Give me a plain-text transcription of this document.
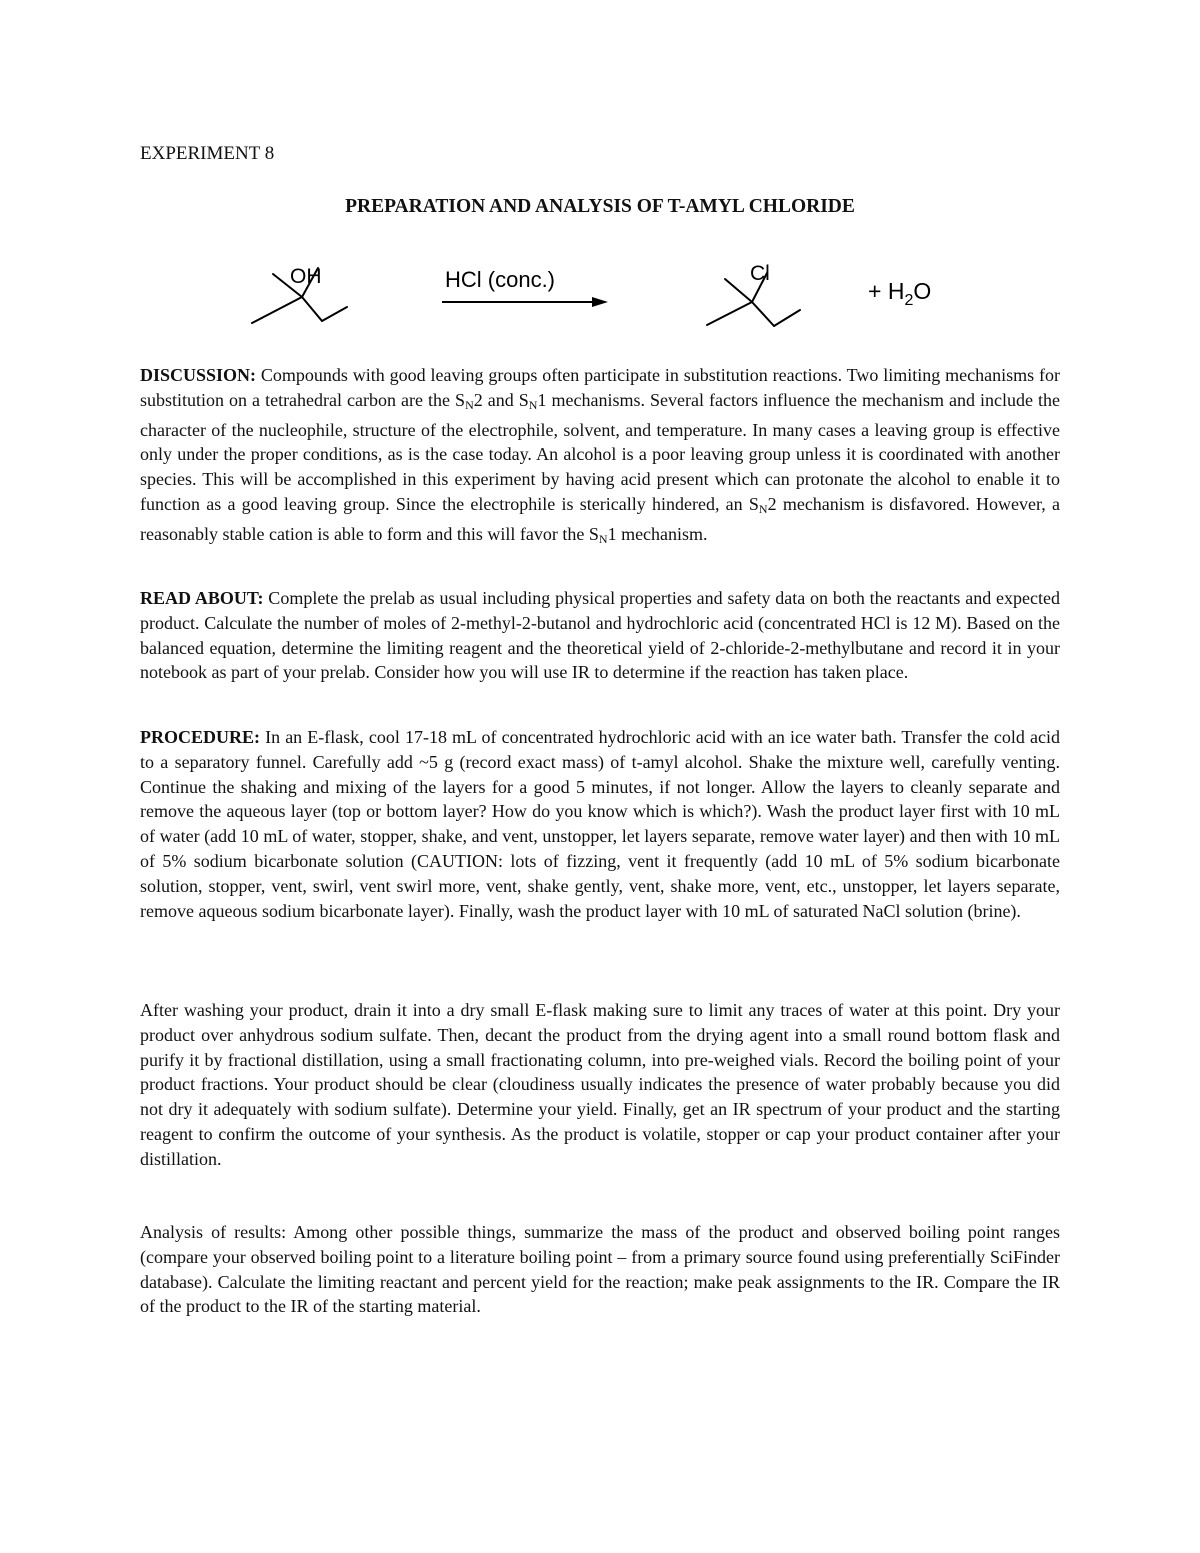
EXPERIMENT 8
PREPARATION AND ANALYSIS OF T-AMYL CHLORIDE
OH	HCl (conc.)	Cl
+ $H_2O$

DISCUSSION: Compounds with good leaving groups often participate in substitution reactions. Two limiting mechanisms for substitution on a tetrahedral carbon are the $S_N2$ and $S_N1$ mechanisms. Several factors influence the mechanism and include the character of the nucleophile, structure of the electrophile, solvent, and temperature. In many cases a leaving group is effective only under the proper conditions, as is the case today. An alcohol is a poor leaving group unless it is coordinated with another species. This will be accomplished in this experiment by having acid present which can protonate the alcohol to enable it to function as a good leaving group. Since the electrophile is sterically hindered, an $S_N2$ mechanism is disfavored. However, a reasonably stable cation is able to form and this will favor the $S_N1$ mechanism.

READ ABOUT: Complete the prelab as usual including physical properties and safety data on both the reactants and expected product. Calculate the number of moles of 2-methyl-2-butanol and hydrochloric acid (concentrated HCl is 12 M). Based on the balanced equation, determine the limiting reagent and the theoretical yield of 2-chloride-2-methylbutane and record it in your notebook as part of your prelab. Consider how you will use IR to determine if the reaction has taken place.

PROCEDURE: In an E-flask, cool 17-18 mL of concentrated hydrochloric acid with an ice water bath. Transfer the cold acid to a separatory funnel. Carefully add ~5 g (record exact mass) of t-amyl alcohol. Shake the mixture well, carefully venting. Continue the shaking and mixing of the layers for a good 5 minutes, if not longer. Allow the layers to cleanly separate and remove the aqueous layer (top or bottom layer? How do you know which is which?). Wash the product layer first with 10 mL of water (add 10 mL of water, stopper, shake, and vent, unstopper, let layers separate, remove water layer) and then with 10 mL of 5% sodium bicarbonate solution (CAUTION: lots of fizzing, vent it frequently (add 10 mL of 5% sodium bicarbonate solution, stopper, vent, swirl, vent swirl more, vent, shake gently, vent, shake more, vent, etc., unstopper, let layers separate, remove aqueous sodium bicarbonate layer). Finally, wash the product layer with 10 mL of saturated NaCl solution (brine).

After washing your product, drain it into a dry small E-flask making sure to limit any traces of water at this point. Dry your product over anhydrous sodium sulfate. Then, decant the product from the drying agent into a small round bottom flask and purify it by fractional distillation, using a small fractionating column, into pre-weighed vials. Record the boiling point of your product fractions. Your product should be clear (cloudiness usually indicates the presence of water probably because you did not dry it adequately with sodium sulfate). Determine your yield. Finally, get an IR spectrum of your product and the starting reagent to confirm the outcome of your synthesis. As the product is volatile, stopper or cap your product container after your distillation.

Analysis of results: Among other possible things, summarize the mass of the product and observed boiling point ranges (compare your observed boiling point to a literature boiling point – from a primary source found using preferentially SciFinder database). Calculate the limiting reactant and percent yield for the reaction; make peak assignments to the IR. Compare the IR of the product to the IR of the starting material.
